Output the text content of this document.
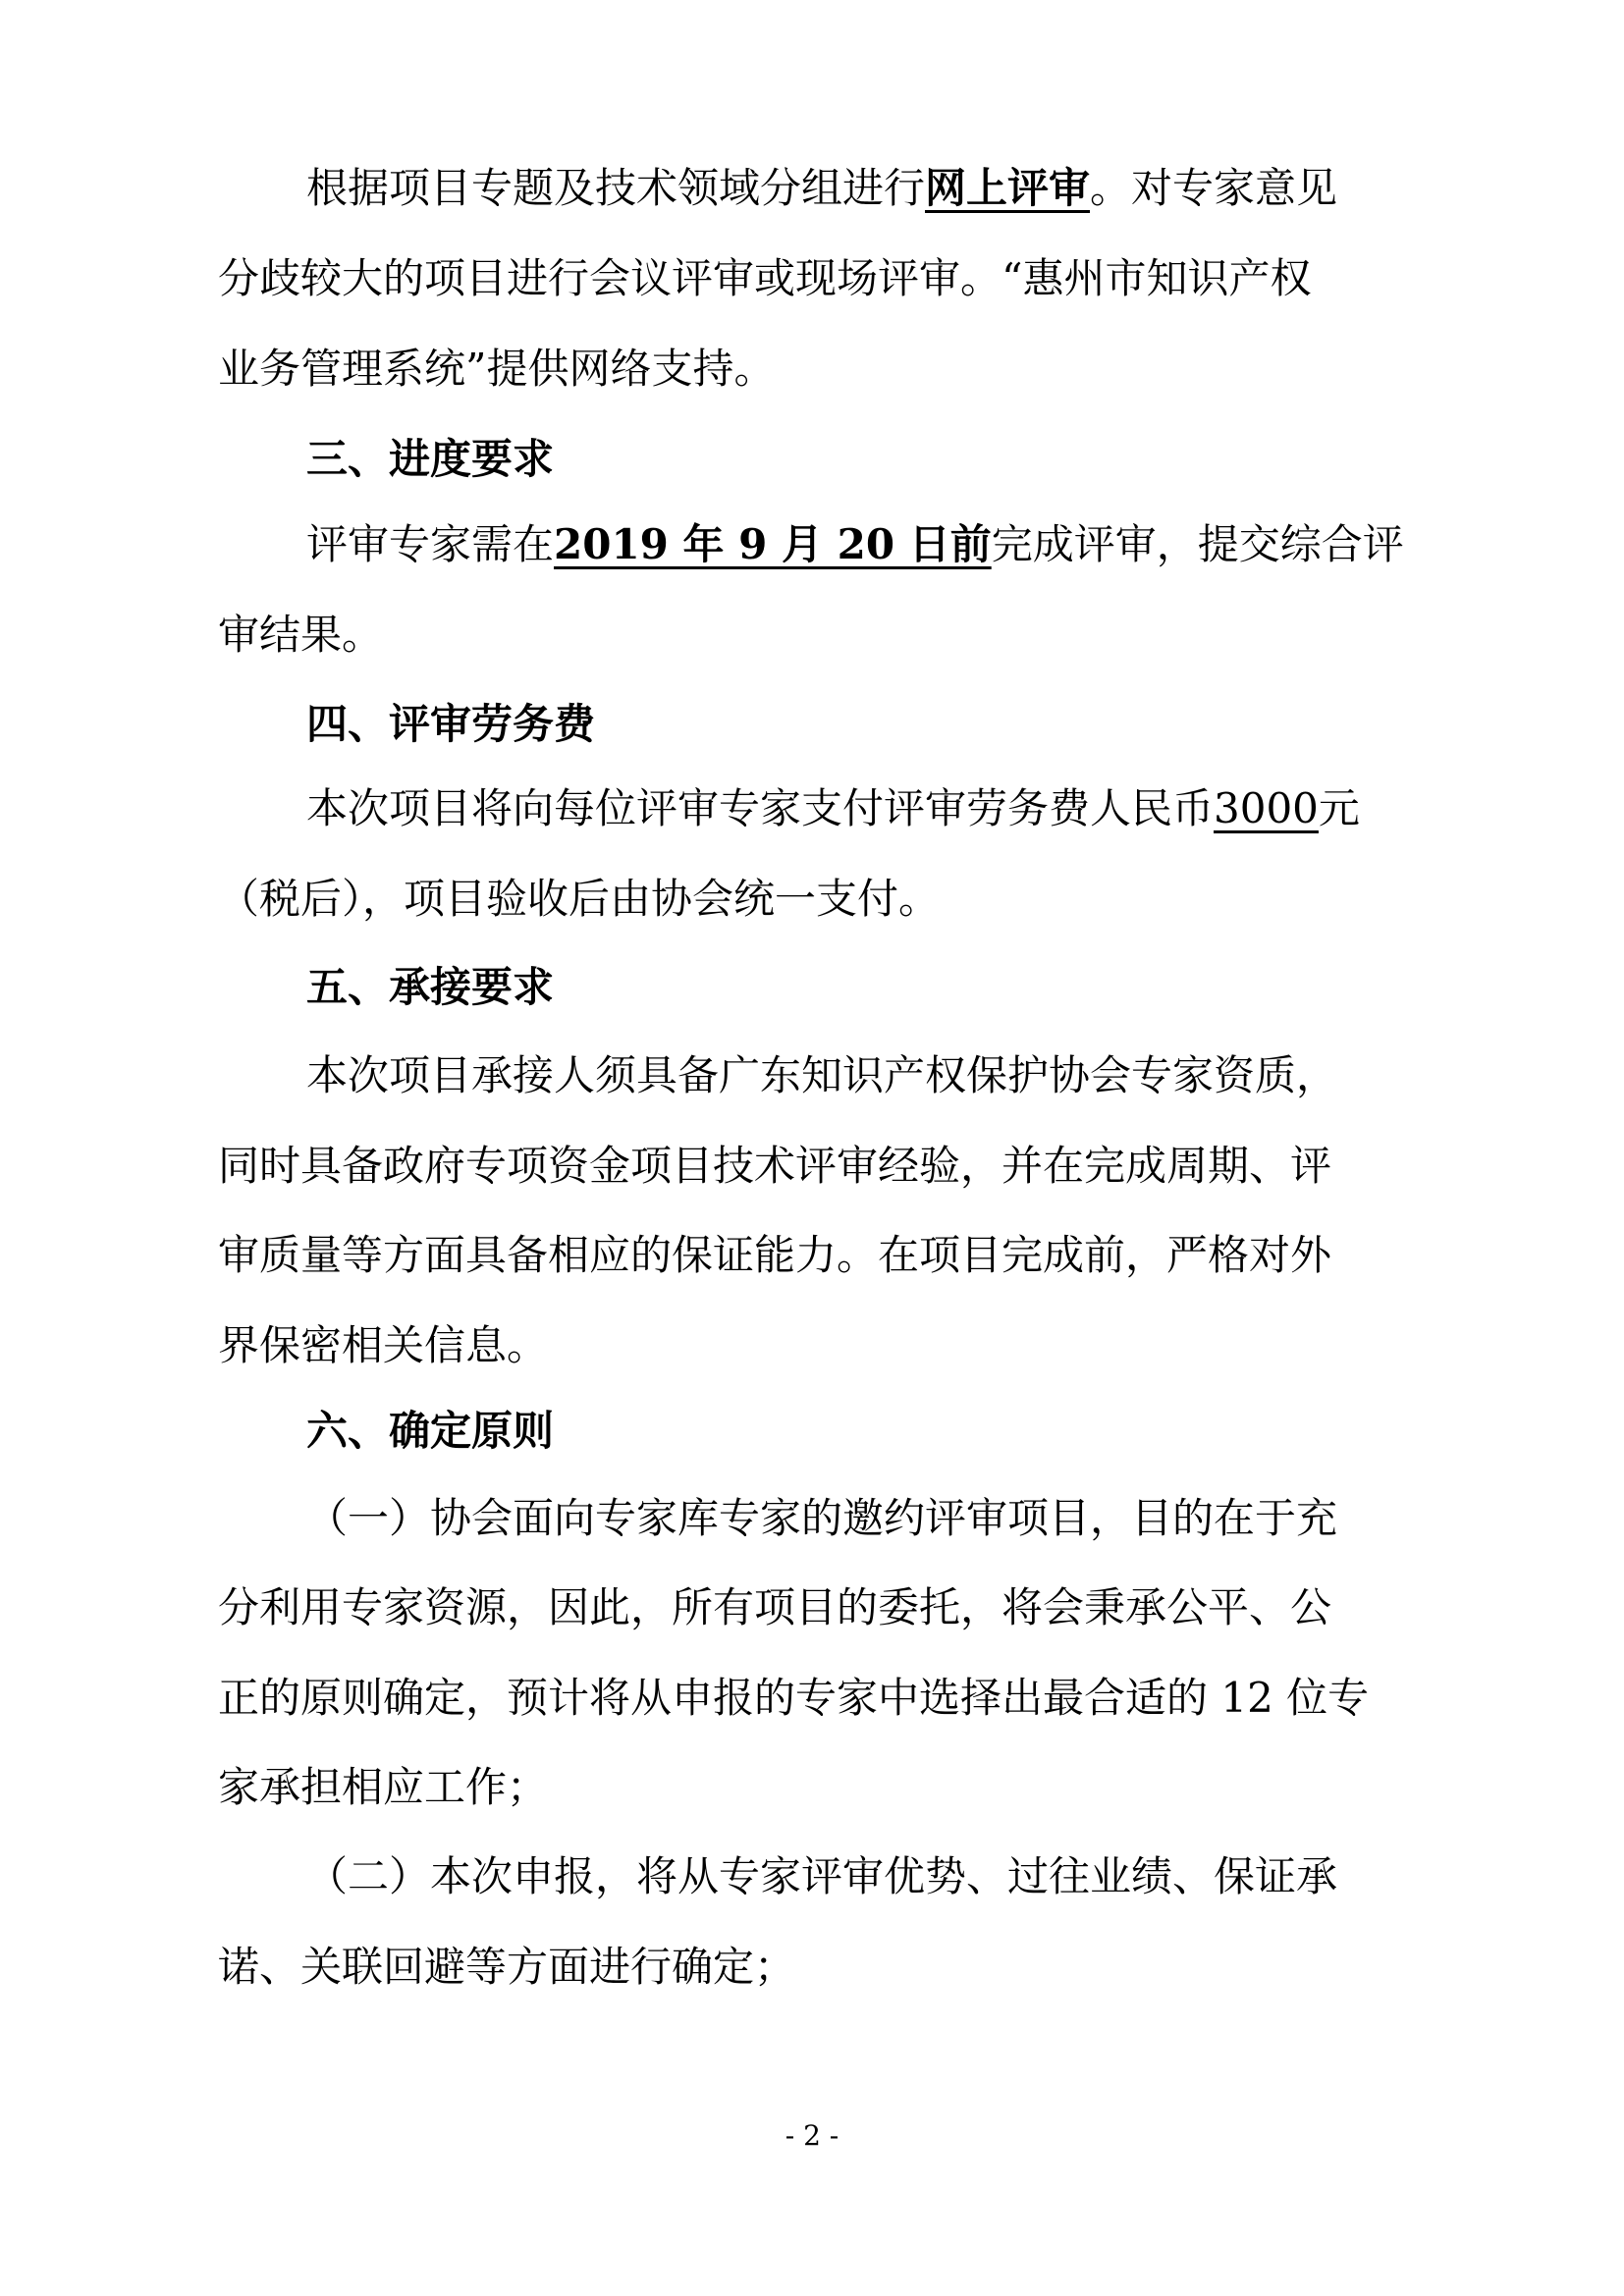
根据项目专题及技术领域分组进行网上评审。对专家意见
分歧较大的项目进行会议评审或现场评审。“惠州市知识产权
业务管理系统”提供网络支持。
三、进度要求
评审专家需在2019 年 9 月 20 日前完成评审，提交综合评
审结果。
四、评审劳务费
本次项目将向每位评审专家支付评审劳务费人民币3000元
（税后），项目验收后由协会统一支付。
五、承接要求
本次项目承接人须具备广东知识产权保护协会专家资质，
同时具备政府专项资金项目技术评审经验，并在完成周期、评
审质量等方面具备相应的保证能力。在项目完成前，严格对外
界保密相关信息。
六、确定原则
（一）协会面向专家库专家的邀约评审项目，目的在于充
分利用专家资源，因此，所有项目的委托，将会秉承公平、公
正的原则确定，预计将从申报的专家中选择出最合适的 12 位专
家承担相应工作；
（二）本次申报，将从专家评审优势、过往业绩、保证承
诺、关联回避等方面进行确定；
- 2 -
